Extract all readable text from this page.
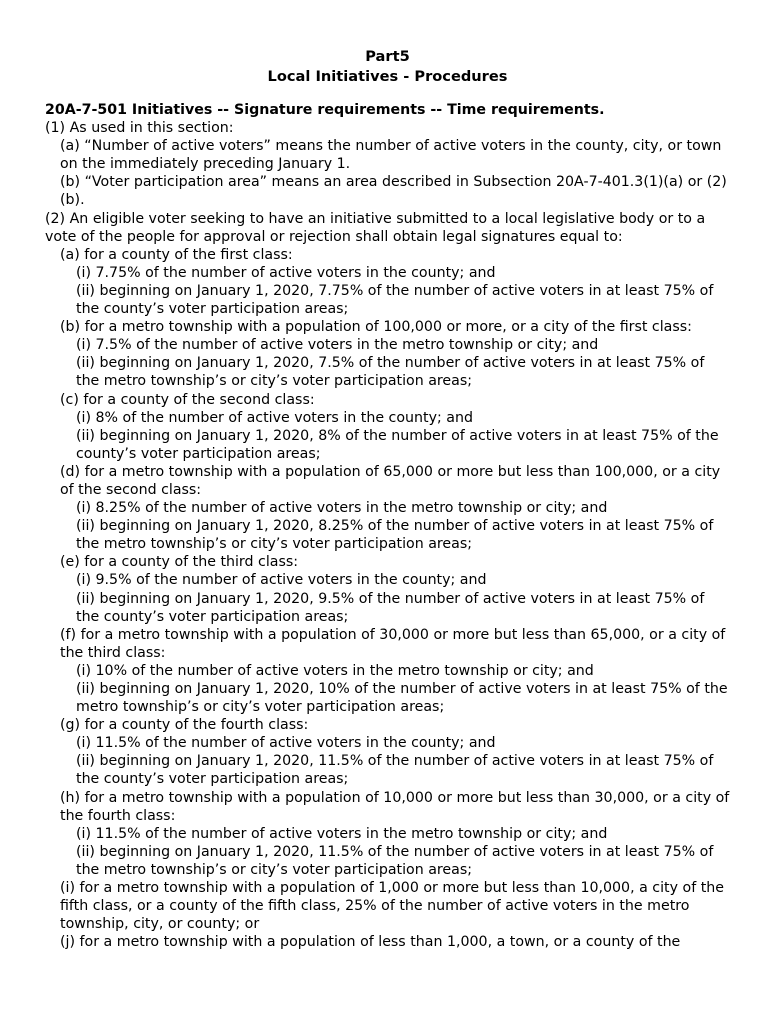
Part5
Local Initiatives - Procedures
20A-7-501 Initiatives -- Signature requirements -- Time requirements.
(1) As used in this section:
(a) “Number of active voters” means the number of active voters in the county, city, or town on the immediately preceding January 1.
(b) “Voter participation area” means an area described in Subsection 20A-7-401.3(1)(a) or (2)(b).
(2) An eligible voter seeking to have an initiative submitted to a local legislative body or to a vote of the people for approval or rejection shall obtain legal signatures equal to:
(a) for a county of the first class:
(i) 7.75% of the number of active voters in the county; and
(ii) beginning on January 1, 2020, 7.75% of the number of active voters in at least 75% of the county’s voter participation areas;
(b) for a metro township with a population of 100,000 or more, or a city of the first class:
(i) 7.5% of the number of active voters in the metro township or city; and
(ii) beginning on January 1, 2020, 7.5% of the number of active voters in at least 75% of the metro township’s or city’s voter participation areas;
(c) for a county of the second class:
(i) 8% of the number of active voters in the county; and
(ii) beginning on January 1, 2020, 8% of the number of active voters in at least 75% of the county’s voter participation areas;
(d) for a metro township with a population of 65,000 or more but less than 100,000, or a city of the second class:
(i) 8.25% of the number of active voters in the metro township or city; and
(ii) beginning on January 1, 2020, 8.25% of the number of active voters in at least 75% of the metro township’s or city’s voter participation areas;
(e) for a county of the third class:
(i) 9.5% of the number of active voters in the county; and
(ii) beginning on January 1, 2020, 9.5% of the number of active voters in at least 75% of the county’s voter participation areas;
(f) for a metro township with a population of 30,000 or more but less than 65,000, or a city of the third class:
(i) 10% of the number of active voters in the metro township or city; and
(ii) beginning on January 1, 2020, 10% of the number of active voters in at least 75% of the metro township’s or city’s voter participation areas;
(g) for a county of the fourth class:
(i) 11.5% of the number of active voters in the county; and
(ii) beginning on January 1, 2020, 11.5% of the number of active voters in at least 75% of the county’s voter participation areas;
(h) for a metro township with a population of 10,000 or more but less than 30,000, or a city of the fourth class:
(i) 11.5% of the number of active voters in the metro township or city; and
(ii) beginning on January 1, 2020, 11.5% of the number of active voters in at least 75% of the metro township’s or city’s voter participation areas;
(i) for a metro township with a population of 1,000 or more but less than 10,000, a city of the fifth class, or a county of the fifth class, 25% of the number of active voters in the metro township, city, or county; or
(j) for a metro township with a population of less than 1,000, a town, or a county of the
